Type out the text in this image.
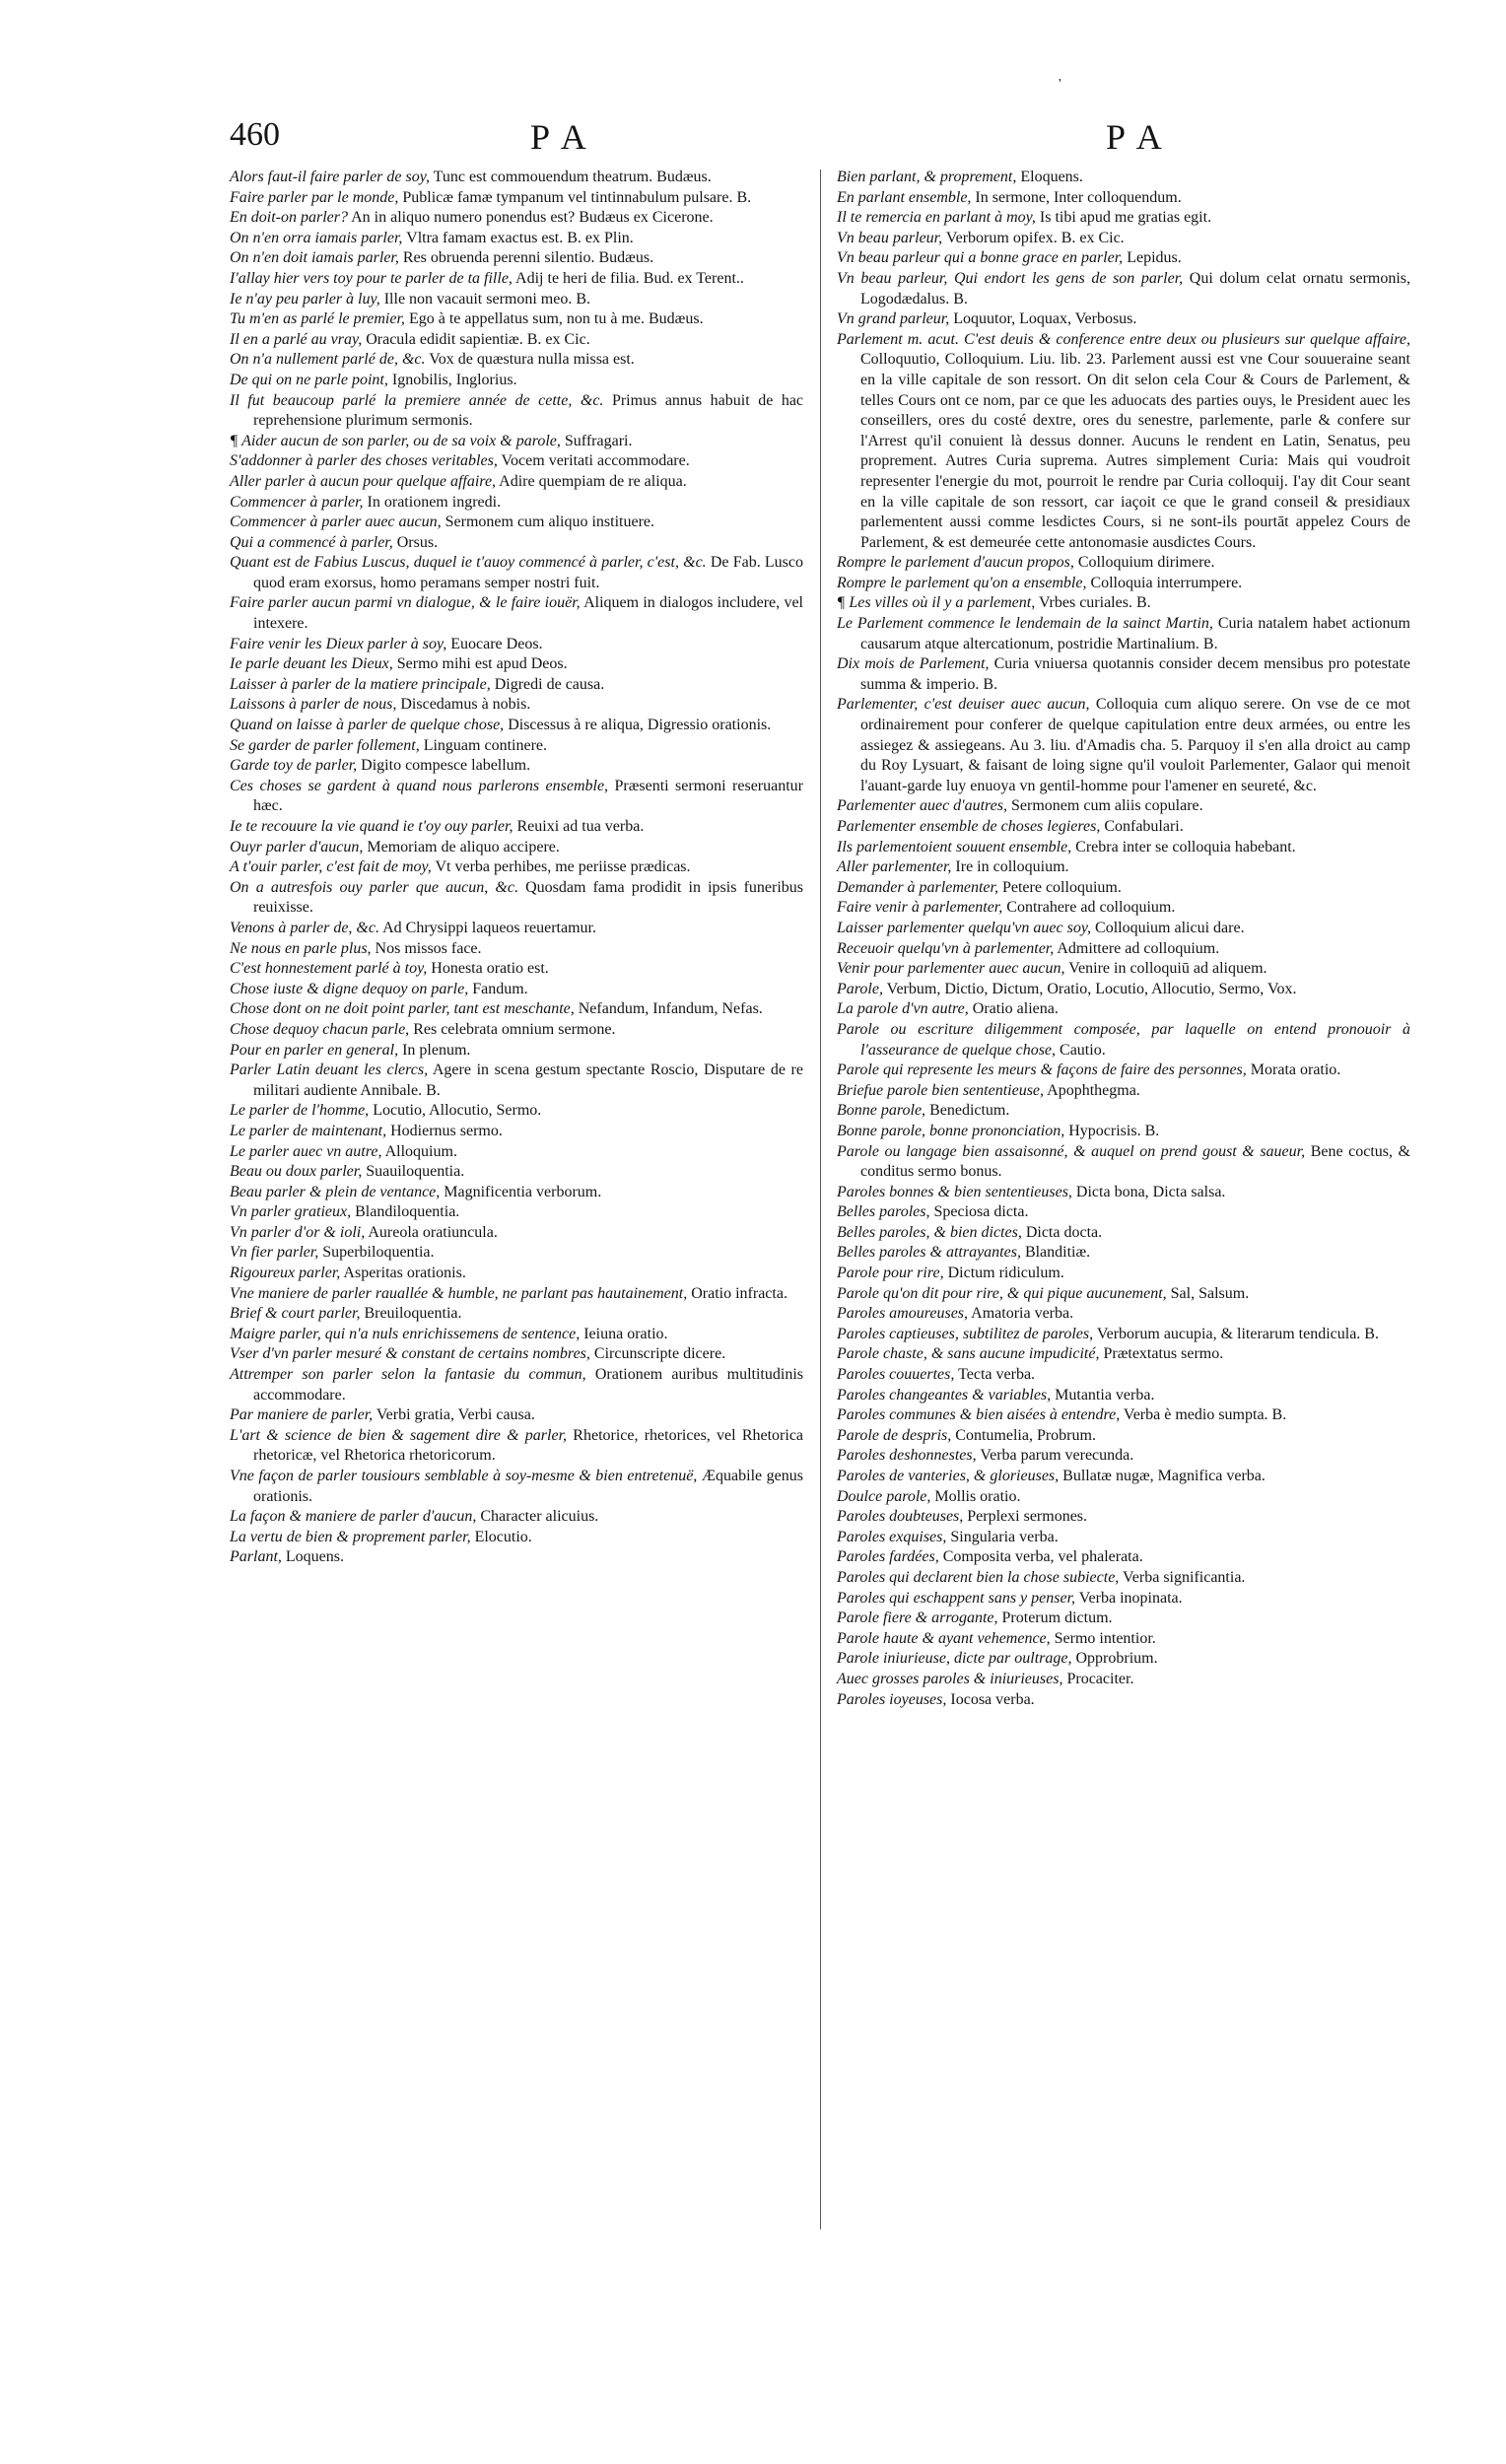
'
460	PA	PA

Alors faut-il faire parler de soy, Tunc est commouendum theatrum. Budæus.

Faire parler par le monde, Publicæ famæ tympanum vel tintinnabulum pulsare. B.

En doit-on parler? An in aliquo numero ponendus est? Budæus ex Cicerone.

On n'en orra iamais parler, Vltra famam exactus est. B. ex Plin.

On n'en doit iamais parler, Res obruenda perenni silentio. Budæus.

I'allay hier vers toy pour te parler de ta fille, Adij te heri de filia. Bud. ex Terent..

Ie n'ay peu parler à luy, Ille non vacauit sermoni meo. B.

Tu m'en as parlé le premier, Ego à te appellatus sum, non tu à me. Budæus.

Il en a parlé au vray, Oracula edidit sapientiæ. B. ex Cic.

On n'a nullement parlé de, &c. Vox de quæstura nulla missa est.

De qui on ne parle point, Ignobilis, Inglorius.

Il fut beaucoup parlé la premiere année de cette, &c. Primus annus habuit de hac reprehensione plurimum sermonis.

¶ Aider aucun de son parler, ou de sa voix & parole, Suffragari.

S'addonner à parler des choses veritables, Vocem veritati accommodare.

Aller parler à aucun pour quelque affaire, Adire quempiam de re aliqua.

Commencer à parler, In orationem ingredi.

Commencer à parler auec aucun, Sermonem cum aliquo instituere.

Qui a commencé à parler, Orsus.

Quant est de Fabius Luscus, duquel ie t'auoy commencé à parler, c'est, &c. De Fab. Lusco quod eram exorsus, homo peramans semper nostri fuit.

Faire parler aucun parmi vn dialogue, & le faire iouër, Aliquem in dialogos includere, vel intexere.

Faire venir les Dieux parler à soy, Euocare Deos.

Ie parle deuant les Dieux, Sermo mihi est apud Deos.

Laisser à parler de la matiere principale, Digredi de causa.

Laissons à parler de nous, Discedamus à nobis.

Quand on laisse à parler de quelque chose, Discessus à re aliqua, Digressio orationis.

Se garder de parler follement, Linguam continere.

Garde toy de parler, Digito compesce labellum.

Ces choses se gardent à quand nous parlerons ensemble, Præsenti sermoni reseruantur hæc.

Ie te recouure la vie quand ie t'oy ouy parler, Reuixi ad tua verba.

Ouyr parler d'aucun, Memoriam de aliquo accipere.

A t'ouir parler, c'est fait de moy, Vt verba perhibes, me periisse prædicas.

On a autresfois ouy parler que aucun, &c. Quosdam fama prodidit in ipsis funeribus reuixisse.

Venons à parler de, &c. Ad Chrysippi laqueos reuertamur.

Ne nous en parle plus, Nos missos face.

C'est honnestement parlé à toy, Honesta oratio est.

Chose iuste & digne dequoy on parle, Fandum.

Chose dont on ne doit point parler, tant est meschante, Nefandum, Infandum, Nefas.

Chose dequoy chacun parle, Res celebrata omnium sermone.

Pour en parler en general, In plenum.

Parler Latin deuant les clercs, Agere in scena gestum spectante Roscio, Disputare de re militari audiente Annibale. B.

Le parler de l'homme, Locutio, Allocutio, Sermo.

Le parler de maintenant, Hodiernus sermo.

Le parler auec vn autre, Alloquium.

Beau ou doux parler, Suauiloquentia.

Beau parler & plein de ventance, Magnificentia verborum.

Vn parler gratieux, Blandiloquentia.

Vn parler d'or & ioli, Aureola oratiuncula.

Vn fier parler, Superbiloquentia.

Rigoureux parler, Asperitas orationis.

Vne maniere de parler rauallée & humble, ne parlant pas hautainement, Oratio infracta.

Brief & court parler, Breuiloquentia.

Maigre parler, qui n'a nuls enrichissemens de sentence, Ieiuna oratio.

Vser d'vn parler mesuré & constant de certains nombres, Circunscripte dicere.

Attremper son parler selon la fantasie du commun, Orationem auribus multitudinis accommodare.

Par maniere de parler, Verbi gratia, Verbi causa.

L'art & science de bien & sagement dire & parler, Rhetorice, rhetorices, vel Rhetorica rhetoricæ, vel Rhetorica rhetoricorum.

Vne façon de parler tousiours semblable à soy-mesme & bien entretenuë, Æquabile genus orationis.

La façon & maniere de parler d'aucun, Character alicuius.

La vertu de bien & proprement parler, Elocutio.

Parlant, Loquens.

Bien parlant, & proprement, Eloquens.

En parlant ensemble, In sermone, Inter colloquendum.

Il te remercia en parlant à moy, Is tibi apud me gratias egit.

Vn beau parleur, Verborum opifex. B. ex Cic.

Vn beau parleur qui a bonne grace en parler, Lepidus.

Vn beau parleur, Qui endort les gens de son parler, Qui dolum celat ornatu sermonis, Logodædalus. B.

Vn grand parleur, Loquutor, Loquax, Verbosus.

Parlement m. acut. C'est deuis & conference entre deux ou plusieurs sur quelque affaire, Colloquutio, Colloquium. Liu. lib. 23. Parlement aussi est vne Cour souueraine seant en la ville capitale de son ressort. On dit selon cela Cour & Cours de Parlement, & telles Cours ont ce nom, par ce que les aduocats des parties ouys, le President auec les conseillers, ores du costé dextre, ores du senestre, parlemente, parle & confere sur l'Arrest qu'il conuient là dessus donner. Aucuns le rendent en Latin, Senatus, peu proprement. Autres Curia suprema. Autres simplement Curia: Mais qui voudroit representer l'energie du mot, pourroit le rendre par Curia colloquij. I'ay dit Cour seant en la ville capitale de son ressort, car iaçoit ce que le grand conseil & presidiaux parlementent aussi comme lesdictes Cours, si ne sont-ils pourtāt appelez Cours de Parlement, & est demeurée cette antonomasie ausdictes Cours.

Rompre le parlement d'aucun propos, Colloquium dirimere.

Rompre le parlement qu'on a ensemble, Colloquia interrumpere.

¶ Les villes où il y a parlement, Vrbes curiales. B.

Le Parlement commence le lendemain de la sainct Martin, Curia natalem habet actionum causarum atque altercationum, postridie Martinalium. B.

Dix mois de Parlement, Curia vniuersa quotannis consider decem mensibus pro potestate summa & imperio. B.

Parlementer, c'est deuiser auec aucun, Colloquia cum aliquo serere. On vse de ce mot ordinairement pour conferer de quelque capitulation entre deux armées, ou entre les assiegez & assiegeans. Au 3. liu. d'Amadis cha. 5. Parquoy il s'en alla droict au camp du Roy Lysuart, & faisant de loing signe qu'il vouloit Parlementer, Galaor qui menoit l'auant-garde luy enuoya vn gentil-homme pour l'amener en seureté, &c.

Parlementer auec d'autres, Sermonem cum aliis copulare.

Parlementer ensemble de choses legieres, Confabulari.

Ils parlementoient souuent ensemble, Crebra inter se colloquia habebant.

Aller parlementer, Ire in colloquium.

Demander à parlementer, Petere colloquium.

Faire venir à parlementer, Contrahere ad colloquium.

Laisser parlementer quelqu'vn auec soy, Colloquium alicui dare.

Receuoir quelqu'vn à parlementer, Admittere ad colloquium.

Venir pour parlementer auec aucun, Venire in colloquiū ad aliquem.

Parole, Verbum, Dictio, Dictum, Oratio, Locutio, Allocutio, Sermo, Vox.

La parole d'vn autre, Oratio aliena.

Parole ou escriture diligemment composée, par laquelle on entend pronouoir à l'asseurance de quelque chose, Cautio.

Parole qui represente les meurs & façons de faire des personnes, Morata oratio.

Briefue parole bien sententieuse, Apophthegma.

Bonne parole, Benedictum.

Bonne parole, bonne prononciation, Hypocrisis. B.

Parole ou langage bien assaisonné, & auquel on prend goust & saueur, Bene coctus, & conditus sermo bonus.

Paroles bonnes & bien sententieuses, Dicta bona, Dicta salsa.

Belles paroles, Speciosa dicta.

Belles paroles, & bien dictes, Dicta docta.

Belles paroles & attrayantes, Blanditiæ.

Parole pour rire, Dictum ridiculum.

Parole qu'on dit pour rire, & qui pique aucunement, Sal, Salsum.

Paroles amoureuses, Amatoria verba.

Paroles captieuses, subtilitez de paroles, Verborum aucupia, & literarum tendicula. B.

Parole chaste, & sans aucune impudicité, Prætextatus sermo.

Paroles couuertes, Tecta verba.

Paroles changeantes & variables, Mutantia verba.

Paroles communes & bien aisées à entendre, Verba è medio sumpta. B.

Parole de despris, Contumelia, Probrum.

Paroles deshonnestes, Verba parum verecunda.

Paroles de vanteries, & glorieuses, Bullatæ nugæ, Magnifica verba.

Doulce parole, Mollis oratio.

Paroles doubteuses, Perplexi sermones.

Paroles exquises, Singularia verba.

Paroles fardées, Composita verba, vel phalerata.

Paroles qui declarent bien la chose subiecte, Verba significantia.

Paroles qui eschappent sans y penser, Verba inopinata.

Parole fiere & arrogante, Proterum dictum.

Parole haute & ayant vehemence, Sermo intentior.

Parole iniurieuse, dicte par oultrage, Opprobrium.

Auec grosses paroles & iniurieuses, Procaciter.

Paroles ioyeuses, Iocosa verba.
